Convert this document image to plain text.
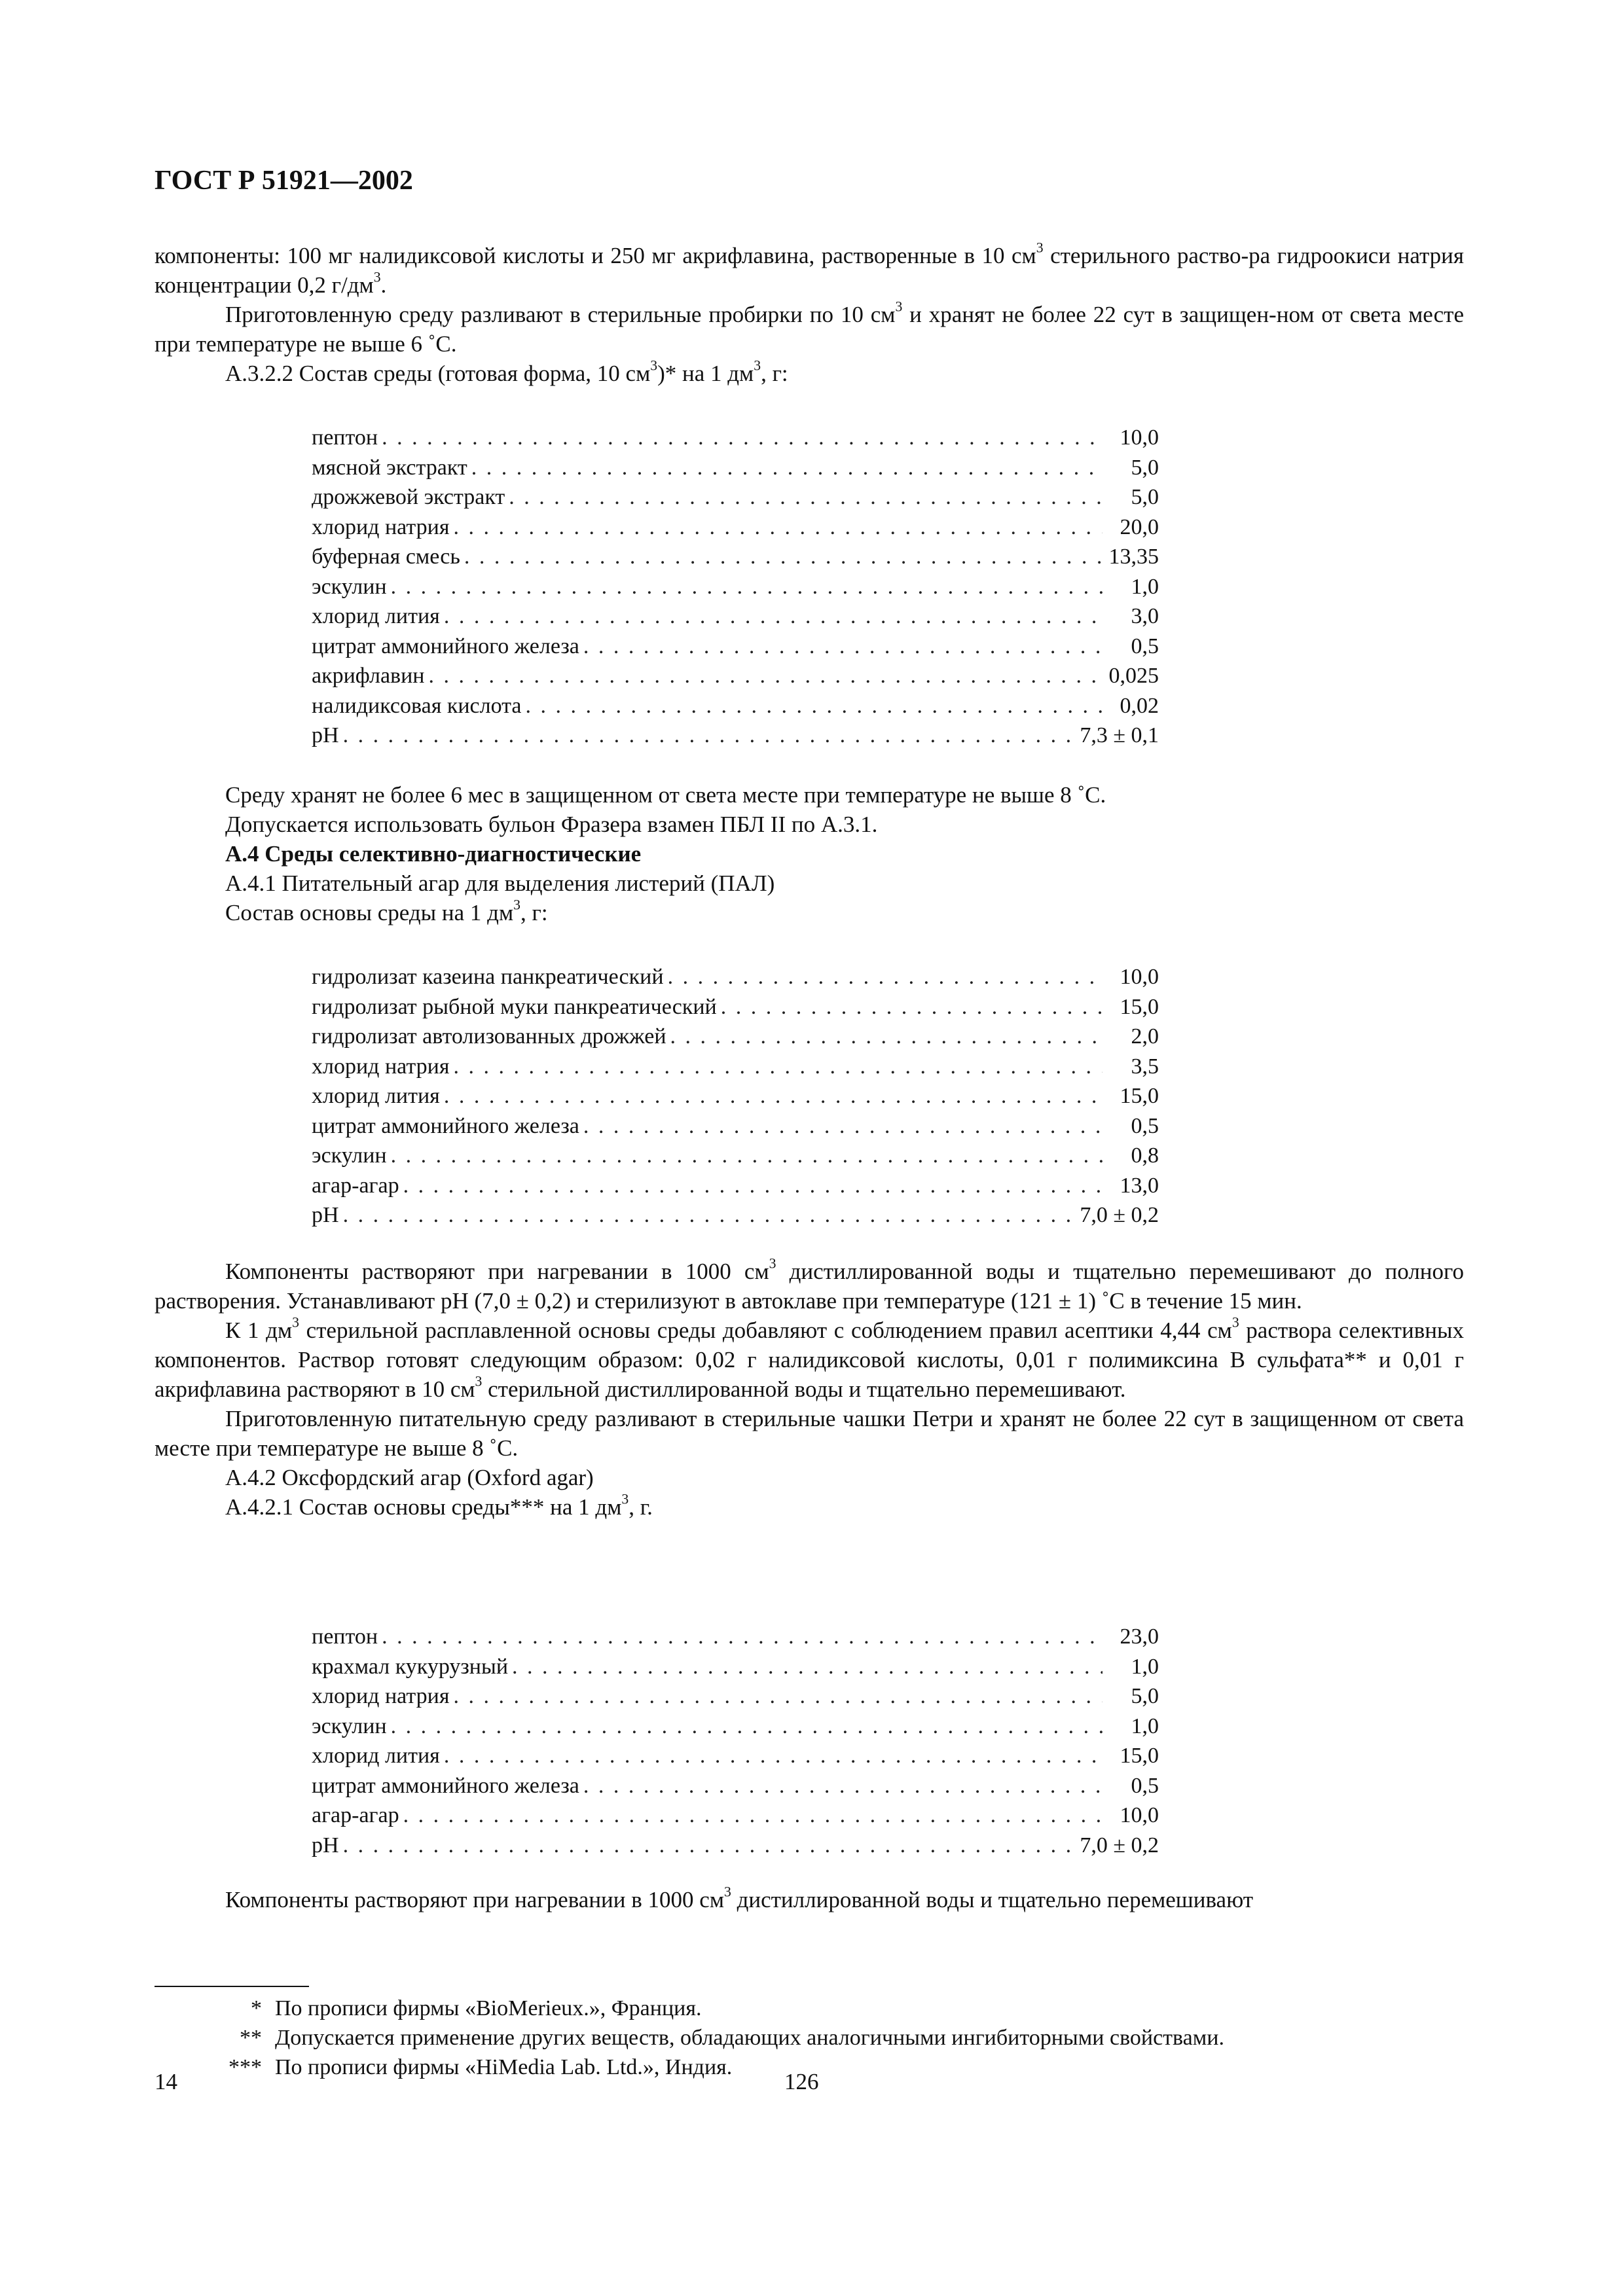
ГОСТ Р 51921—2002

компоненты: 100 мг налидиксовой кислоты и 250 мг акрифлавина, растворенные в 10 $см^3$ стерильного раство-ра гидроокиси натрия концентрации 0,2 $г/дм^3$.

Приготовленную среду разливают в стерильные пробирки по 10 $см^3$ и хранят не более 22 сут в защищен-ном от света месте при температуре не выше 6 ˚С.

А.3.2.2 Состав среды (готовая форма, 10 $см^3)*$ на 1 $дм^3$, г:

пептон . . .	10,0
мясной экстракт . . .	5,0
дрожжевой экстракт . . .	5,0
хлорид натрия . . .	20,0
буферная смесь . . .	13,35
эскулин . . .	1,0
хлорид лития . . .	3,0
цитрат аммонийного железа . . .	0,5
акрифлавин . . .	0,025
налидиксовая кислота . . .	0,02
pH . . .	7,3 ± 0,1

Среду хранят не более 6 мес в защищенном от света месте при температуре не выше 8 ˚С.

Допускается использовать бульон Фразера взамен ПБЛ II по А.3.1.

А.4 Среды селективно-диагностические

А.4.1 Питательный агар для выделения листерий (ПАЛ)

Состав основы среды на 1 $дм^3$, г:

гидролизат казеина панкреатический . . .	10,0
гидролизат рыбной муки панкреатический . . .	15,0
гидролизат автолизованных дрожжей . . .	2,0
хлорид натрия . . .	3,5
хлорид лития . . .	15,0
цитрат аммонийного железа . . .	0,5
эскулин . . .	0,8
агар-агар . . .	13,0
pH . . .	7,0 ± 0,2

Компоненты растворяют при нагревании в 1000 $см^3$ дистиллированной воды и тщательно перемешивают до полного растворения. Устанавливают pH (7,0 ± 0,2) и стерилизуют в автоклаве при температуре (121 ± 1) ˚С в течение 15 мин.

К 1 $дм^3$ стерильной расплавленной основы среды добавляют с соблюдением правил асептики 4,44 $см^3$ раствора селективных компонентов. Раствор готовят следующим образом: 0,02 г налидиксовой кислоты, 0,01 г полимиксина В сульфата** и 0,01 г акрифлавина растворяют в 10 $см^3$ стерильной дистиллированной воды и тщательно перемешивают.

Приготовленную питательную среду разливают в стерильные чашки Петри и хранят не более 22 сут в защищенном от света месте при температуре не выше 8 ˚С.

А.4.2 Оксфордский агар (Oxford agar)

А.4.2.1 Состав основы среды*** на 1 $дм^3$, г.

пептон . . .	23,0
крахмал кукурузный . . .	1,0
хлорид натрия . . .	5,0
эскулин . . .	1,0
хлорид лития . . .	15,0
цитрат аммонийного железа . . .	0,5
агар-агар . . .	10,0
pH . . .	7,0 ± 0,2

Компоненты растворяют при нагревании в 1000 $см^3$ дистиллированной воды и тщательно перемешивают

* По прописи фирмы «BioMerieux.», Франция.
** Допускается применение других веществ, обладающих аналогичными ингибиторными свойствами.
*** По прописи фирмы «HiMedia Lab. Ltd.», Индия.
14	126
